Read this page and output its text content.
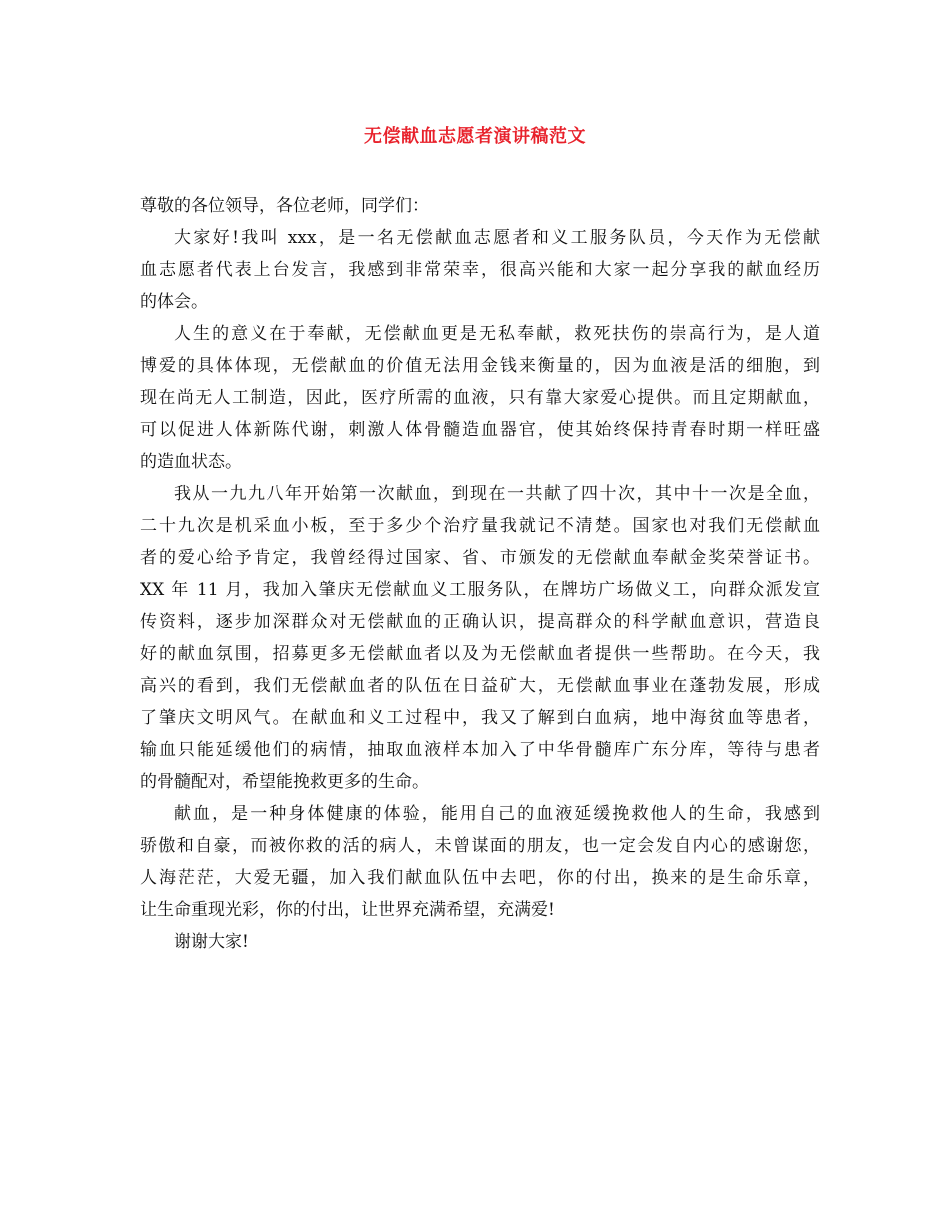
无偿献血志愿者演讲稿范文
尊敬的各位领导，各位老师，同学们：
大家好!我叫 xxx，是一名无偿献血志愿者和义工服务队员，今天作为无偿献
血志愿者代表上台发言，我感到非常荣幸，很高兴能和大家一起分享我的献血经历
的体会。
人生的意义在于奉献，无偿献血更是无私奉献，救死扶伤的崇高行为，是人道
博爱的具体体现，无偿献血的价值无法用金钱来衡量的，因为血液是活的细胞，到
现在尚无人工制造，因此，医疗所需的血液，只有靠大家爱心提供。而且定期献血，
可以促进人体新陈代谢，刺激人体骨髓造血器官，使其始终保持青春时期一样旺盛
的造血状态。
我从一九九八年开始第一次献血，到现在一共献了四十次，其中十一次是全血，
二十九次是机采血小板，至于多少个治疗量我就记不清楚。国家也对我们无偿献血
者的爱心给予肯定，我曾经得过国家、省、市颁发的无偿献血奉献金奖荣誉证书。
XX 年 11 月，我加入肇庆无偿献血义工服务队，在牌坊广场做义工，向群众派发宣
传资料，逐步加深群众对无偿献血的正确认识，提高群众的科学献血意识，营造良
好的献血氛围，招募更多无偿献血者以及为无偿献血者提供一些帮助。在今天，我
高兴的看到，我们无偿献血者的队伍在日益矿大，无偿献血事业在蓬勃发展，形成
了肇庆文明风气。在献血和义工过程中，我又了解到白血病，地中海贫血等患者，
输血只能延缓他们的病情，抽取血液样本加入了中华骨髓库广东分库，等待与患者
的骨髓配对，希望能挽救更多的生命。
献血，是一种身体健康的体验，能用自己的血液延缓挽救他人的生命，我感到
骄傲和自豪，而被你救的活的病人，未曾谋面的朋友，也一定会发自内心的感谢您，
人海茫茫，大爱无疆，加入我们献血队伍中去吧，你的付出，换来的是生命乐章，
让生命重现光彩，你的付出，让世界充满希望，充满爱!
谢谢大家!
